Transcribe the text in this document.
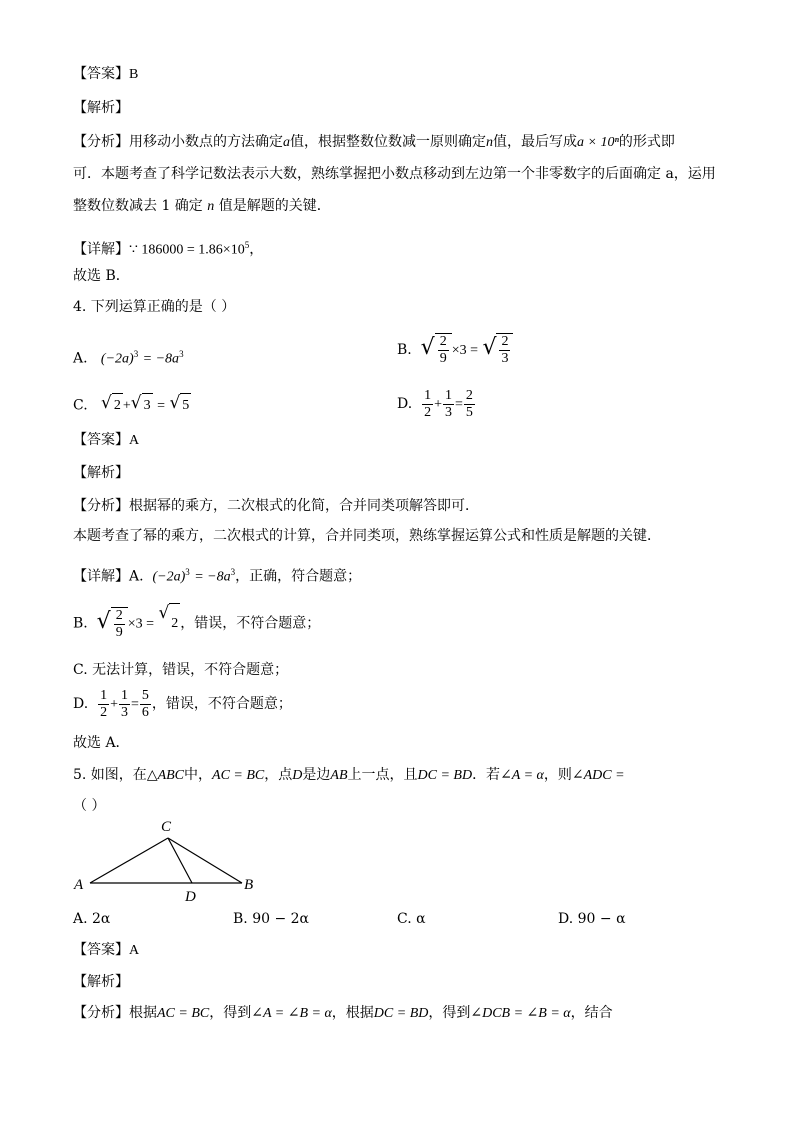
【答案】B
【解析】
【分析】用移动小数点的方法确定a值，根据整数位数减一原则确定n值，最后写成a × 10ⁿ的形式即
可．本题考查了科学记数法表示大数，熟练掌握把小数点移动到左边第一个非零数字的后面确定 a，运用
整数位数减去 1 确定 n 值是解题的关键．
【详解】∵ $186000 = 1.86\times 10^5$，
故选 B．
4. 下列运算正确的是（ ）
A. $(-2a)^3 = -8a^3$	B. √ $\frac{2}{9} \times 3$ = √ $\frac{2}{3}$
C. √ 2 + √ 3 = √ 5	D. $\frac{1}{2} + \frac{1}{3} = \frac{2}{5}$
【答案】A
【解析】
【分析】根据幂的乘方，二次根式的化简，合并同类项解答即可．
本题考查了幂的乘方，二次根式的计算，合并同类项，熟练掌握运算公式和性质是解题的关键．
【详解】A. $(-2a)^3 = -8a^3$，正确，符合题意；
B. √ $\frac{2}{9} \times 3$ =
√
2 ，错误，不符合题意；
C. 无法计算，错误，不符合题意；
D. $\frac{1}{2} + \frac{1}{3} = \frac{5}{6}$ ，错误，不符合题意；
故选 A．
5. 如图，在△ABC中，AC = BC，点D是边AB上一点，且DC = BD．若∠A = α，则∠ADC =
（ ）
A
C
B
D
A. 2α	B. 90 − 2α	C. α	D. 90 − α
【答案】A
【解析】
【分析】根据AC = BC，得到∠A = ∠B = α，根据DC = BD，得到∠DCB = ∠B = α，结合
